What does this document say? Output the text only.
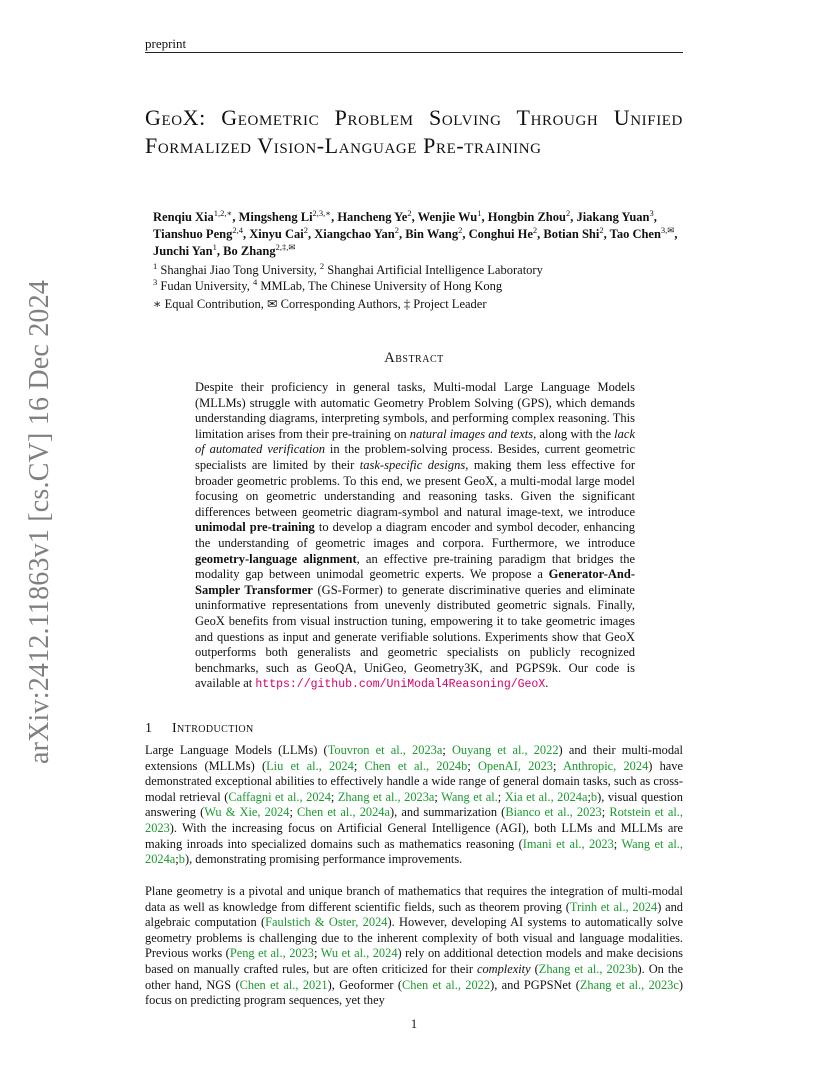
preprint
arXiv:2412.11863v1 [cs.CV] 16 Dec 2024
GeoX: Geometric Problem Solving Through Unified Formalized Vision-Language Pre-training
Renqiu Xia$^{1,2,∗}$, Mingsheng $Li^{2,3,∗}$, Hancheng Ye$^2$, Wenjie Wu$^1$, Hongbin Zhou$^2$, Jiakang Yuan$^3$, Tianshuo Peng$^{2,4}$, Xinyu Cai$^2$, Xiangchao Yan$^2$, Bin Wang$^2$, Conghui He$^2$, Botian Shi$^2$, Tao Chen$^{3,✉}$, Junchi Yan$^1$, Bo Zhang$^{2,\ddagger,✉}$
$^1$ Shanghai Jiao Tong University, $^2$ Shanghai Artificial Intelligence Laboratory
$^3$ Fudan University, $^4$ MMLab, The Chinese University of Hong Kong
∗ Equal Contribution, ✉ Corresponding Authors, ‡ Project Leader
Abstract
Despite their proficiency in general tasks, Multi-modal Large Language Models (MLLMs) struggle with automatic Geometry Problem Solving (GPS), which demands understanding diagrams, interpreting symbols, and performing complex reasoning. This limitation arises from their pre-training on natural images and texts, along with the lack of automated verification in the problem-solving process. Besides, current geometric specialists are limited by their task-specific designs, making them less effective for broader geometric problems. To this end, we present GeoX, a multi-modal large model focusing on geometric understanding and reasoning tasks. Given the significant differences between geometric diagram-symbol and natural image-text, we introduce unimodal pre-training to develop a diagram encoder and symbol decoder, enhancing the understanding of geometric images and corpora. Furthermore, we introduce geometry-language alignment, an effective pre-training paradigm that bridges the modality gap between unimodal geometric experts. We propose a Generator-And-Sampler Transformer (GS-Former) to generate discriminative queries and eliminate uninformative representations from unevenly distributed geometric signals. Finally, GeoX benefits from visual instruction tuning, empowering it to take geometric images and questions as input and generate verifiable solutions. Experiments show that GeoX outperforms both generalists and geometric specialists on publicly recognized benchmarks, such as GeoQA, UniGeo, Geometry3K, and PGPS9k. Our code is available at https://github.com/UniModal4Reasoning/GeoX.
1 Introduction
Large Language Models (LLMs) (Touvron et al., 2023a; Ouyang et al., 2022) and their multi-modal extensions (MLLMs) (Liu et al., 2024; Chen et al., 2024b; OpenAI, 2023; Anthropic, 2024) have demonstrated exceptional abilities to effectively handle a wide range of general domain tasks, such as cross-modal retrieval (Caffagni et al., 2024; Zhang et al., 2023a; Wang et al.; Xia et al., 2024a;b), visual question answering (Wu & Xie, 2024; Chen et al., 2024a), and summarization (Bianco et al., 2023; Rotstein et al., 2023). With the increasing focus on Artificial General Intelligence (AGI), both LLMs and MLLMs are making inroads into specialized domains such as mathematics reasoning (Imani et al., 2023; Wang et al., 2024a;b), demonstrating promising performance improvements.
Plane geometry is a pivotal and unique branch of mathematics that requires the integration of multi-modal data as well as knowledge from different scientific fields, such as theorem proving (Trinh et al., 2024) and algebraic computation (Faulstich & Oster, 2024). However, developing AI systems to automatically solve geometry problems is challenging due to the inherent complexity of both visual and language modalities. Previous works (Peng et al., 2023; Wu et al., 2024) rely on additional detection models and make decisions based on manually crafted rules, but are often criticized for their complexity (Zhang et al., 2023b). On the other hand, NGS (Chen et al., 2021), Geoformer (Chen et al., 2022), and PGPSNet (Zhang et al., 2023c) focus on predicting program sequences, yet they
1
